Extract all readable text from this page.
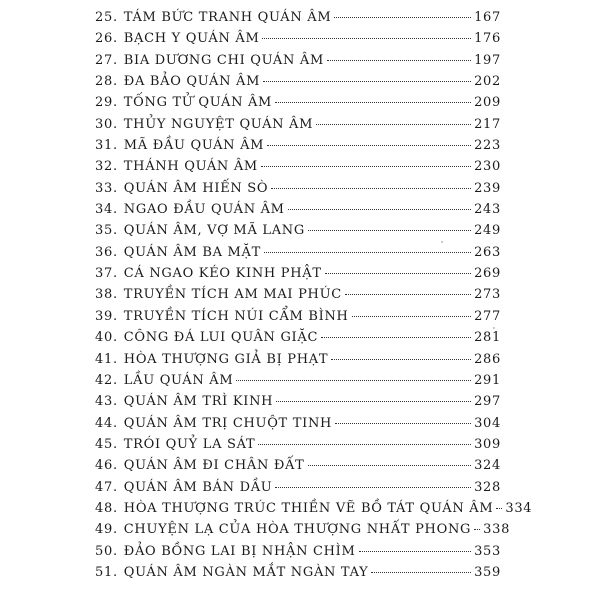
25. TÁM BỨC TRANH QUÁN ÂM	167
26. BẠCH Y QUÁN ÂM	176
27. BIA DƯƠNG CHI QUÁN ÂM	197
28. ĐA BẢO QUÁN ÂM	202
29. TỐNG TỬ QUÁN ÂM	209
30. THỦY NGUYỆT QUÁN ÂM	217
31. MÃ ĐẦU QUÁN ÂM	223
32. THÁNH QUÁN ÂM	230
33. QUÁN ÂM HIẾN SÒ	239
34. NGAO ĐẦU QUÁN ÂM	243
35. QUÁN ÂM, VỢ MÃ LANG	249
36. QUÁN ÂM BA MẶT	263
37. CÁ NGAO KÉO KINH PHẬT	269
38. TRUYỀN TÍCH AM MAI PHÚC	273
39. TRUYỀN TÍCH NÚI CẨM BÌNH	277
40. CÔNG ĐÁ LUI QUÂN GIẶC	281
41. HÒA THƯỢNG GIẢ BỊ PHẠT	286
42. LẦU QUÁN ÂM	291
43. QUÁN ÂM TRÌ KINH	297
44. QUÁN ÂM TRỊ CHUỘT TINH	304
45. TRÓI QUỶ LA SÁT	309
46. QUÁN ÂM ĐI CHÂN ĐẤT	324
47. QUÁN ÂM BÁN DẦU	328
48. HÒA THƯỢNG TRÚC THIỀN VẼ BỒ TÁT QUÁN ÂM 334
49. CHUYỆN LẠ CỦA HÒA THƯỢNG NHẤT PHONG 338
50. ĐẢO BỒNG LAI BỊ NHẬN CHÌM	353
51. QUÁN ÂM NGÀN MẮT NGÀN TAY	359
